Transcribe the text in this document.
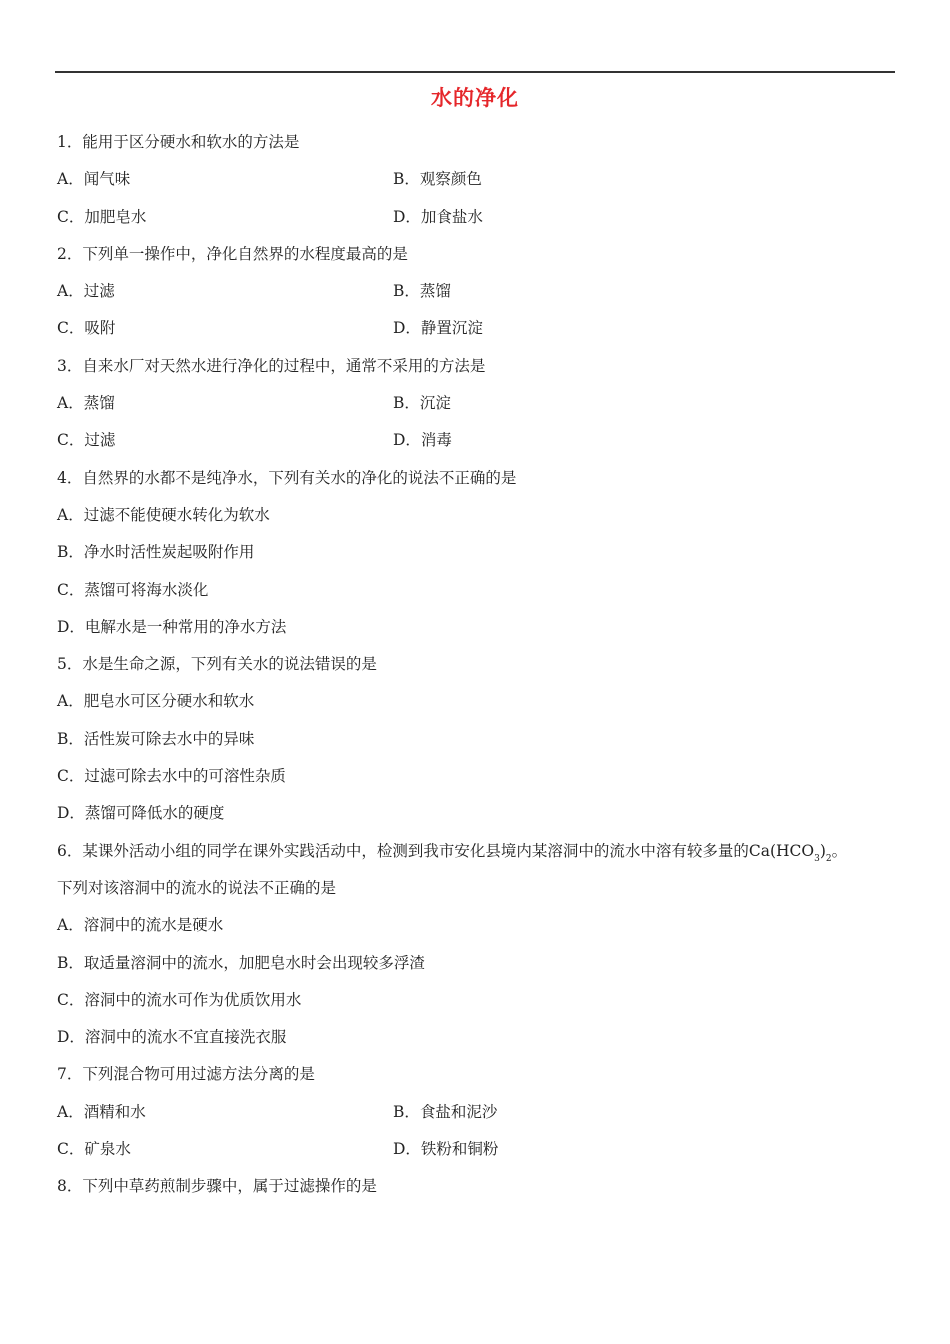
水的净化
1．能用于区分硬水和软水的方法是
A．闻气味	B．观察颜色
C．加肥皂水	D．加食盐水
2．下列单一操作中，净化自然界的水程度最高的是
A．过滤	B．蒸馏
C．吸附	D．静置沉淀
3．自来水厂对天然水进行净化的过程中，通常不采用的方法是
A．蒸馏	B．沉淀
C．过滤	D．消毒
4．自然界的水都不是纯净水，下列有关水的净化的说法不正确的是
A．过滤不能使硬水转化为软水
B．净水时活性炭起吸附作用
C．蒸馏可将海水淡化
D．电解水是一种常用的净水方法
5．水是生命之源，下列有关水的说法错误的是
A．肥皂水可区分硬水和软水
B．活性炭可除去水中的异味
C．过滤可除去水中的可溶性杂质
D．蒸馏可降低水的硬度
6．某课外活动小组的同学在课外实践活动中，检测到我市安化县境内某溶洞中的流水中溶有较多量的$Ca(HCO_3)_2$。
下列对该溶洞中的流水的说法不正确的是
A．溶洞中的流水是硬水
B．取适量溶洞中的流水，加肥皂水时会出现较多浮渣
C．溶洞中的流水可作为优质饮用水
D．溶洞中的流水不宜直接洗衣服
7．下列混合物可用过滤方法分离的是
A．酒精和水	B．食盐和泥沙
C．矿泉水	D．铁粉和铜粉
8．下列中草药煎制步骤中，属于过滤操作的是
